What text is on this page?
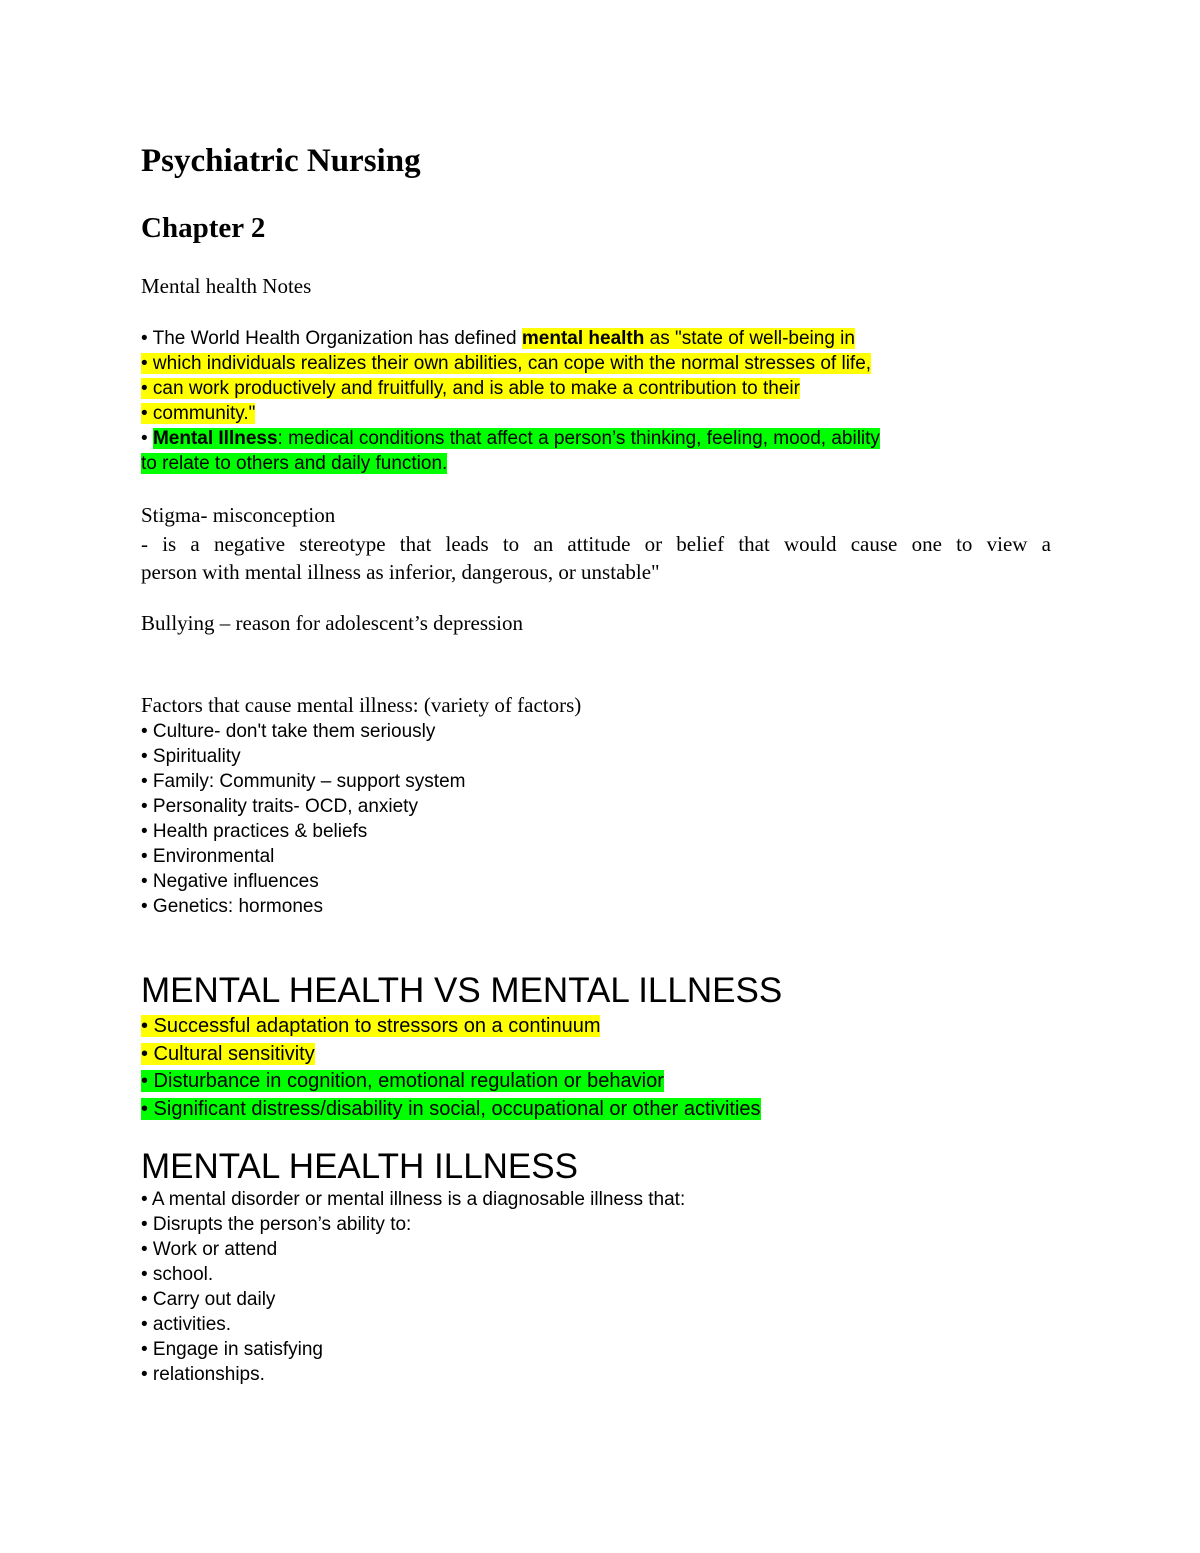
Psychiatric Nursing
Chapter 2
Mental health Notes
• The World Health Organization has defined mental health as "state of well-being in
• which individuals realizes their own abilities, can cope with the normal stresses of life,
• can work productively and fruitfully, and is able to make a contribution to their
• community."
• Mental Illness: medical conditions that affect a person’s thinking, feeling, mood, ability
to relate to others and daily function.
Stigma- misconception
- is a negative stereotype that leads to an attitude or belief that would cause one to view a
person with mental illness as inferior, dangerous, or unstable"
Bullying – reason for adolescent’s depression
Factors that cause mental illness: (variety of factors)
• Culture- don't take them seriously
• Spirituality
• Family: Community – support system
• Personality traits- OCD, anxiety
• Health practices & beliefs
• Environmental
• Negative influences
• Genetics: hormones
MENTAL HEALTH VS MENTAL ILLNESS
• Successful adaptation to stressors on a continuum
• Cultural sensitivity
• Disturbance in cognition, emotional regulation or behavior
• Significant distress/disability in social, occupational or other activities
MENTAL HEALTH ILLNESS
• A mental disorder or mental illness is a diagnosable illness that:
• Disrupts the person’s ability to:
• Work or attend
• school.
• Carry out daily
• activities.
• Engage in satisfying
• relationships.
